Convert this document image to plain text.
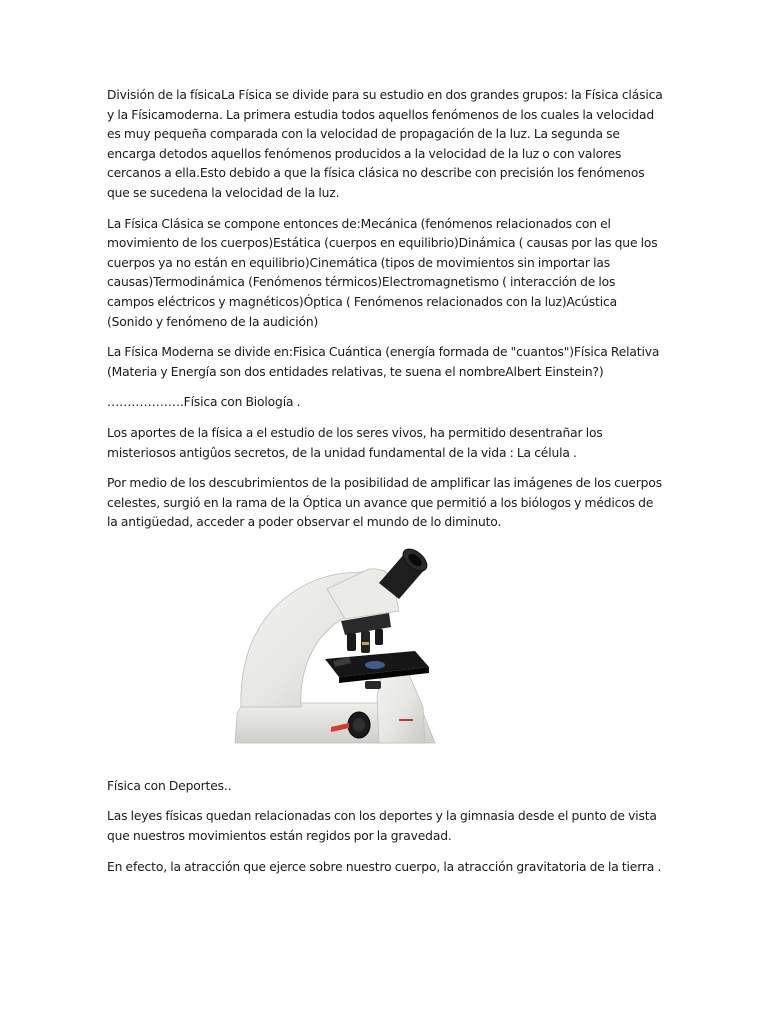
División de la físicaLa Física se divide para su estudio en dos grandes grupos: la Física clásica y la Físicamoderna. La primera estudia todos aquellos fenómenos de los cuales la velocidad es muy pequeña comparada con la velocidad de propagación de la luz. La segunda se encarga detodos aquellos fenómenos producidos a la velocidad de la luz o con valores cercanos a ella.Esto debido a que la física clásica no describe con precisión los fenómenos que se sucedena la velocidad de la luz.

La Física Clásica se compone entonces de:Mecánica (fenómenos relacionados con el movimiento de los cuerpos)Estática (cuerpos en equilibrio)Dinámica ( causas por las que los cuerpos ya no están en equilibrio)Cinemática (tipos de movimientos sin importar las causas)Termodinámica (Fenómenos térmicos)Electromagnetismo ( interacción de los campos eléctricos y magnéticos)Óptica ( Fenómenos relacionados con la luz)Acústica (Sonido y fenómeno de la audición)

La Física Moderna se divide en:Fisica Cuántica (energía formada de "cuantos")Física Relativa (Materia y Energía son dos entidades relativas, te suena el nombreAlbert Einstein?)

……………….Física con Biología .

Los aportes de la física a el estudio de los seres vivos, ha permitido desentrañar los misteriosos antigûos secretos, de la unidad fundamental de la vida : La célula .

Por medio de los descubrimientos de la posibilidad de amplificar las imágenes de los cuerpos celestes, surgió en la rama de la Óptica un avance que permitió a los biólogos y médicos de la antigüedad, acceder a poder observar el mundo de lo diminuto.

Física con Deportes..

Las leyes físicas quedan relacionadas con los deportes y la gimnasia desde el punto de vista que nuestros movimientos están regidos por la gravedad.

En efecto, la atracción que ejerce sobre nuestro cuerpo, la atracción gravitatoria de la tierra .
